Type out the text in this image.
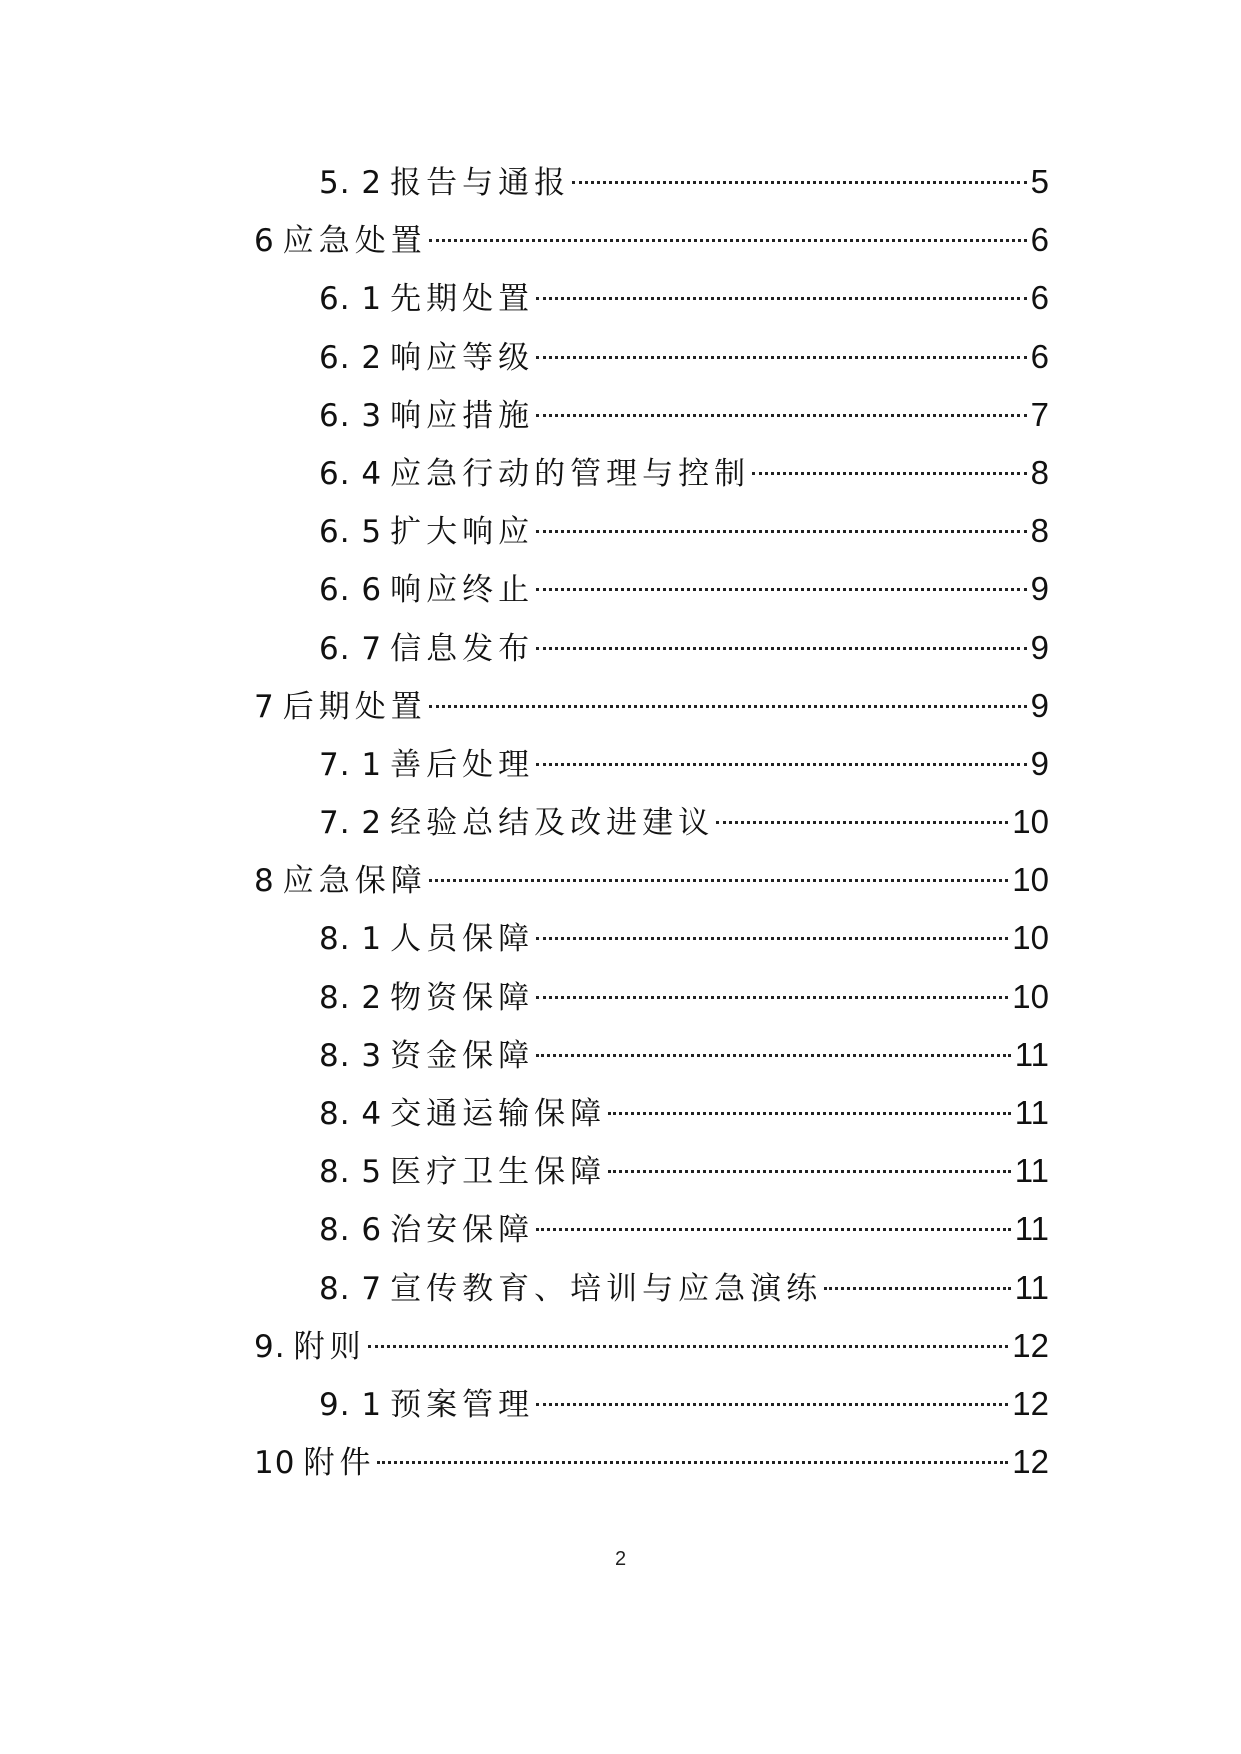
5. 2 报告与通报	5
6 应急处置	6
6. 1 先期处置	6
6. 2 响应等级	6
6. 3 响应措施	7
6. 4 应急行动的管理与控制	8
6. 5 扩大响应	8
6. 6 响应终止	9
6. 7 信息发布	9
7 后期处置	9
7. 1 善后处理	9
7. 2 经验总结及改进建议	10
8 应急保障	10
8. 1 人员保障	10
8. 2 物资保障	10
8. 3 资金保障	11
8. 4 交通运输保障	11
8. 5 医疗卫生保障	11
8. 6 治安保障	11
8. 7 宣传教育、培训与应急演练	11
9. 附则	12
9. 1 预案管理	12
10 附件	12
2
